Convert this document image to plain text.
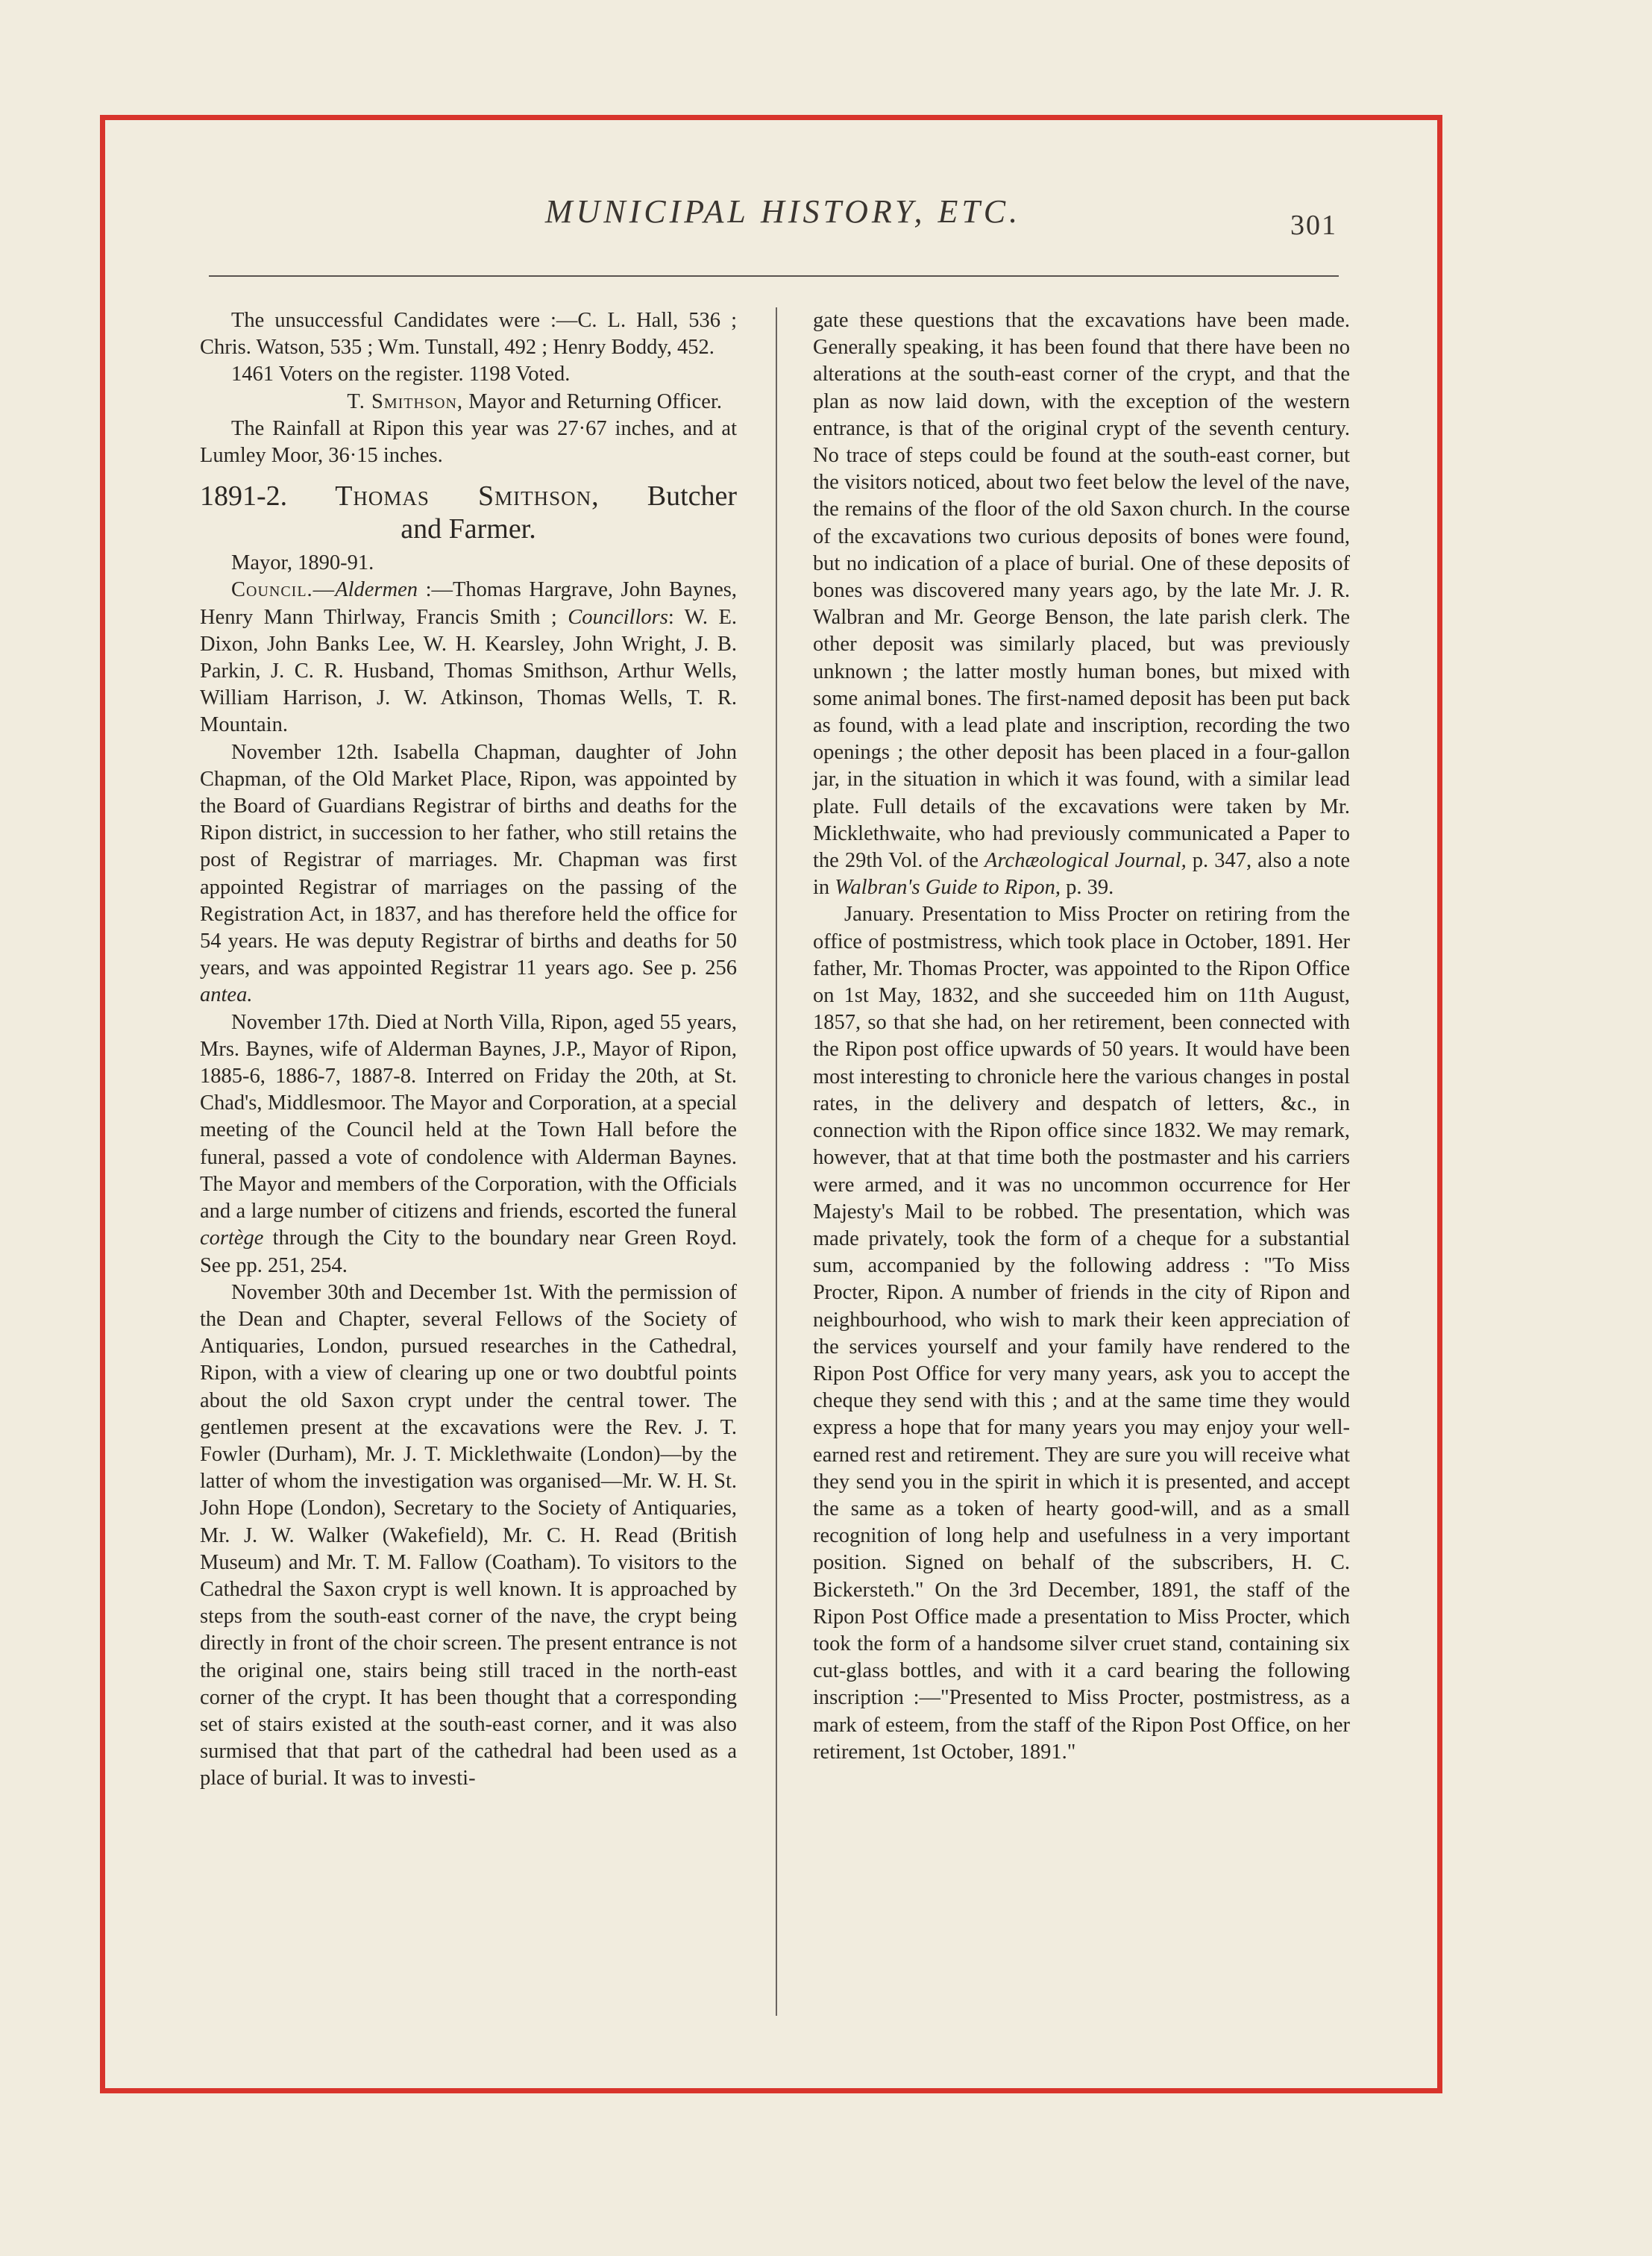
MUNICIPAL HISTORY, ETC.	301

The unsuccessful Candidates were :—C. L. Hall, 536 ; Chris. Watson, 535 ; Wm. Tunstall, 492 ; Henry Boddy, 452.

1461 Voters on the register. 1198 Voted.

T. Smithson, Mayor and Returning Officer.

The Rainfall at Ripon this year was 27·67 inches, and at Lumley Moor, 36·15 inches.

1891-2. Thomas Smithson, Butcher
and Farmer.

Mayor, 1890-91.

Council.—Aldermen :—Thomas Hargrave, John Baynes, Henry Mann Thirlway, Francis Smith ; Councillors: W. E. Dixon, John Banks Lee, W. H. Kearsley, John Wright, J. B. Parkin, J. C. R. Husband, Thomas Smithson, Arthur Wells, William Harrison, J. W. Atkinson, Thomas Wells, T. R. Mountain.

November 12th. Isabella Chapman, daughter of John Chapman, of the Old Market Place, Ripon, was appointed by the Board of Guardians Registrar of births and deaths for the Ripon district, in succession to her father, who still retains the post of Registrar of marriages. Mr. Chapman was first appointed Registrar of marriages on the passing of the Registration Act, in 1837, and has therefore held the office for 54 years. He was deputy Registrar of births and deaths for 50 years, and was appointed Registrar 11 years ago. See p. 256 antea.

November 17th. Died at North Villa, Ripon, aged 55 years, Mrs. Baynes, wife of Alderman Baynes, J.P., Mayor of Ripon, 1885-6, 1886-7, 1887-8. Interred on Friday the 20th, at St. Chad's, Middlesmoor. The Mayor and Corporation, at a special meeting of the Council held at the Town Hall before the funeral, passed a vote of condolence with Alderman Baynes. The Mayor and members of the Corporation, with the Officials and a large number of citizens and friends, escorted the funeral cortège through the City to the boundary near Green Royd. See pp. 251, 254.

November 30th and December 1st. With the permission of the Dean and Chapter, several Fellows of the Society of Antiquaries, London, pursued researches in the Cathedral, Ripon, with a view of clearing up one or two doubtful points about the old Saxon crypt under the central tower. The gentlemen present at the excavations were the Rev. J. T. Fowler (Durham), Mr. J. T. Micklethwaite (London)—by the latter of whom the investigation was organised—Mr. W. H. St. John Hope (London), Secretary to the Society of Antiquaries, Mr. J. W. Walker (Wakefield), Mr. C. H. Read (British Museum) and Mr. T. M. Fallow (Coatham). To visitors to the Cathedral the Saxon crypt is well known. It is approached by steps from the south-east corner of the nave, the crypt being directly in front of the choir screen. The present entrance is not the original one, stairs being still traced in the north-east corner of the crypt. It has been thought that a corresponding set of stairs existed at the south-east corner, and it was also surmised that that part of the cathedral had been used as a place of burial. It was to investi-

gate these questions that the excavations have been made. Generally speaking, it has been found that there have been no alterations at the south-east corner of the crypt, and that the plan as now laid down, with the exception of the western entrance, is that of the original crypt of the seventh century. No trace of steps could be found at the south-east corner, but the visitors noticed, about two feet below the level of the nave, the remains of the floor of the old Saxon church. In the course of the excavations two curious deposits of bones were found, but no indication of a place of burial. One of these deposits of bones was discovered many years ago, by the late Mr. J. R. Walbran and Mr. George Benson, the late parish clerk. The other deposit was similarly placed, but was previously unknown ; the latter mostly human bones, but mixed with some animal bones. The first-named deposit has been put back as found, with a lead plate and inscription, recording the two openings ; the other deposit has been placed in a four-gallon jar, in the situation in which it was found, with a similar lead plate. Full details of the excavations were taken by Mr. Micklethwaite, who had previously communicated a Paper to the 29th Vol. of the Archæological Journal, p. 347, also a note in Walbran's Guide to Ripon, p. 39.

January. Presentation to Miss Procter on retiring from the office of postmistress, which took place in October, 1891. Her father, Mr. Thomas Procter, was appointed to the Ripon Office on 1st May, 1832, and she succeeded him on 11th August, 1857, so that she had, on her retirement, been connected with the Ripon post office upwards of 50 years. It would have been most interesting to chronicle here the various changes in postal rates, in the delivery and despatch of letters, &c., in connection with the Ripon office since 1832. We may remark, however, that at that time both the postmaster and his carriers were armed, and it was no uncommon occurrence for Her Majesty's Mail to be robbed. The presentation, which was made privately, took the form of a cheque for a substantial sum, accompanied by the following address : "To Miss Procter, Ripon. A number of friends in the city of Ripon and neighbourhood, who wish to mark their keen appreciation of the services yourself and your family have rendered to the Ripon Post Office for very many years, ask you to accept the cheque they send with this ; and at the same time they would express a hope that for many years you may enjoy your well-earned rest and retirement. They are sure you will receive what they send you in the spirit in which it is presented, and accept the same as a token of hearty good-will, and as a small recognition of long help and usefulness in a very important position. Signed on behalf of the subscribers, H. C. Bickersteth." On the 3rd December, 1891, the staff of the Ripon Post Office made a presentation to Miss Procter, which took the form of a handsome silver cruet stand, containing six cut-glass bottles, and with it a card bearing the following inscription :—"Presented to Miss Procter, postmistress, as a mark of esteem, from the staff of the Ripon Post Office, on her retirement, 1st October, 1891."
